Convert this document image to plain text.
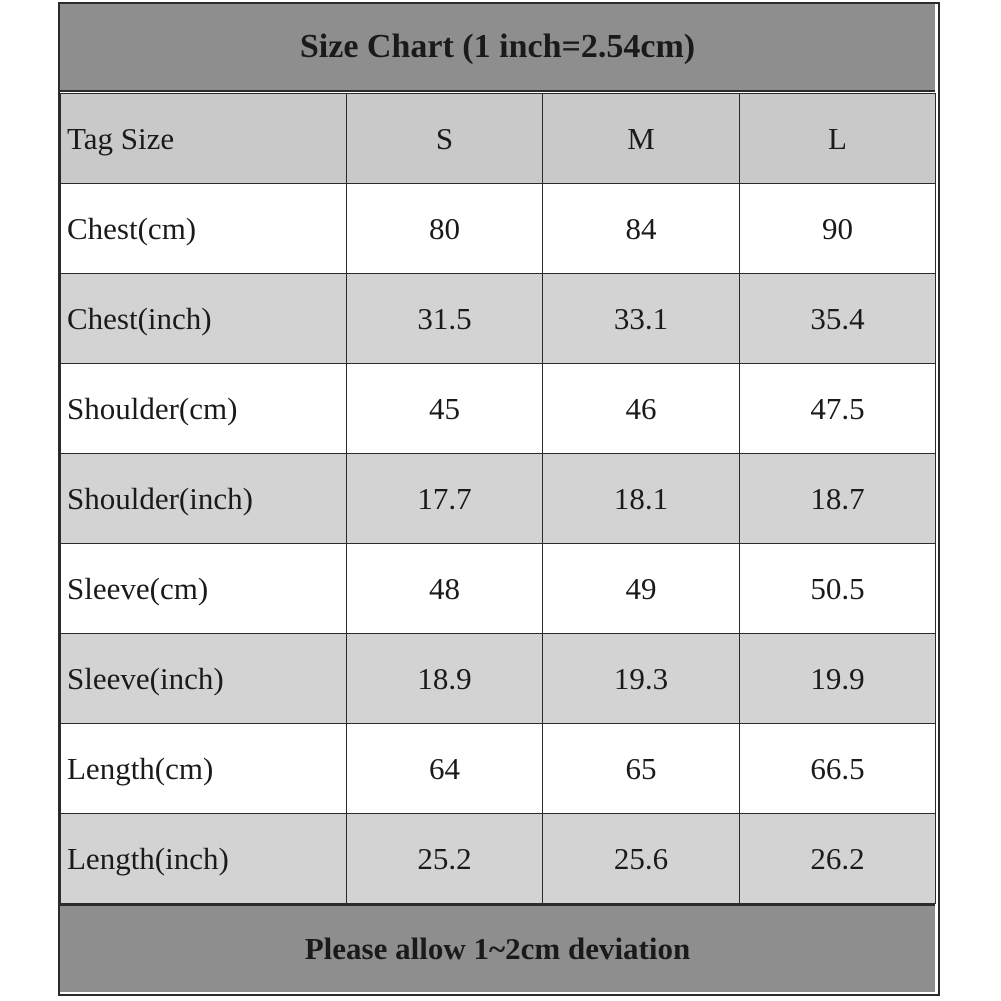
Size Chart (1 inch=2.54cm)
Tag Size	S	M	L
Chest(cm)	80	84	90
Chest(inch)	31.5	33.1	35.4
Shoulder(cm)	45	46	47.5
Shoulder(inch)	17.7	18.1	18.7
Sleeve(cm)	48	49	50.5
Sleeve(inch)	18.9	19.3	19.9
Length(cm)	64	65	66.5
Length(inch)	25.2	25.6	26.2
Please allow 1~2cm deviation
